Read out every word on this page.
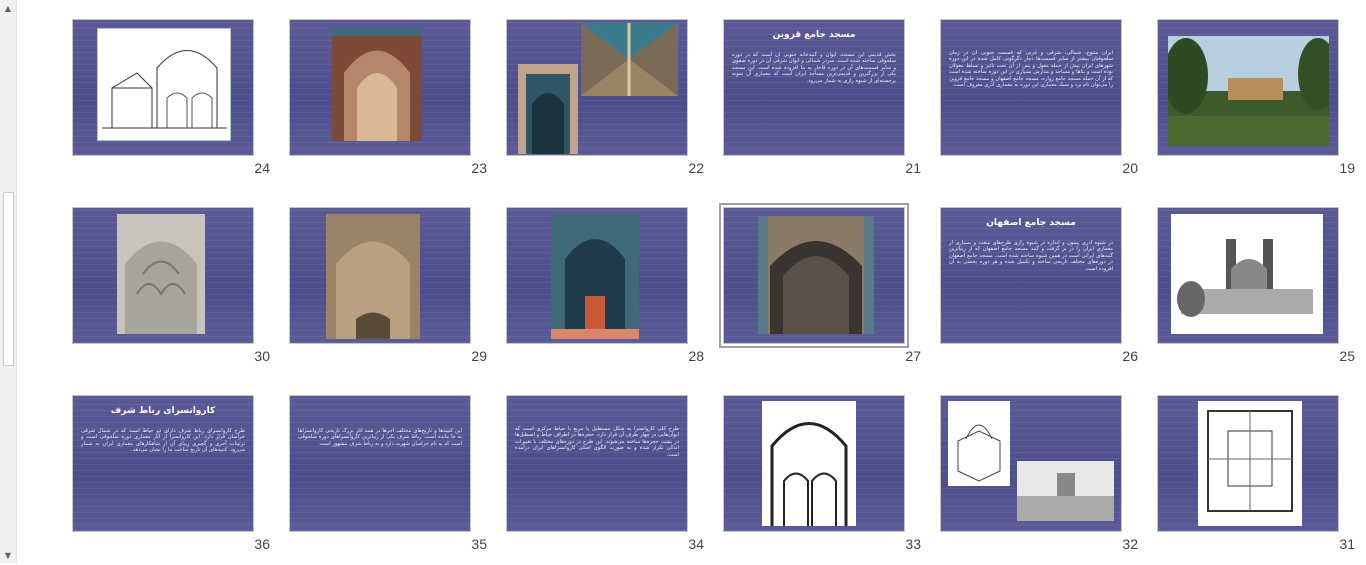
▲
▼
19
ایران متنوع، شمالی، شرقی و غربی که قسمت جنوبی آن در زمان سلجوقیان بیشتر از سایر قسمت‌ها دچار دگرگونی کامل شده در این دوره شهرهای ایران پیش از حمله مغول و پس از آن تحت تاثیر و تسلط مغولان بوده است و بناها و مساجد و مدارس بسیاری در این دوره ساخته شده است که از آن جمله مسجد جامع زواره، مسجد جامع اصفهان و مسجد جامع قزوین را می‌توان نام برد و سبک معماری این دوره به معماری آذری معروف است.
20
مسجد جامع قزوین
بخش قدیمی این مسجد، ایوان و گنبدخانه جنوبی آن است که در دوره سلجوقی ساخته شده است. سردر شمالی و ایوان شرقی آن در دوره صفوی و سایر قسمت‌های آن در دوره قاجار به بنا افزوده شده است. این مسجد یکی از بزرگترین و قدیمی‌ترین مساجد ایران است که معماری آن نمونه برجسته‌ای از شیوه رازی به شمار می‌رود.
21
22
23
24
25
مسجد جامع اصفهان
در شیوه آذری پیمون و اندازه در شیوه رازی طرح‌های متعدد و بسیاری از معماری ایران را در بر گرفت و گنبد مسجد جامع اصفهان که از زیباترین گنبدهای ایرانی است در همین شیوه ساخته شده است. مسجد جامع اصفهان در دوره‌های مختلف تاریخی ساخته و تکمیل شده و هر دوره بخشی به آن افزوده است.
26
27
28
29
30
31
32
33
طرح کلی کاروانسرا به شکل مستطیل یا مربع با حیاط مرکزی است که ایوان‌هایی در چهار طرف آن قرار دارد. حجره‌ها در اطراف حیاط و اصطبل‌ها در پشت حجره‌ها ساخته می‌شوند. این طرح در دوره‌های مختلف با تغییرات اندکی تکرار شده و به صورت الگوی اصلی کاروانسراهای ایران درآمده است.
34
این کتیبه‌ها و تاریخ‌های مختلف آجرها در همه آثار بزرگ تاریخی کاروانسراها به جا مانده است. رباط شرف یکی از زیباترین کاروانسراهای دوره سلجوقی است که به نام خراسان شهرت دارد و به رباط شرف مشهور است.
35
کاروانسرای رباط شرف
طرح کاروانسرای رباط شرف دارای دو حیاط است که در شمال شرقی خراسان قرار دارد. این کاروانسرا از آثار معماری دوره سلجوقی است و تزئینات آجری و گچبری زیبای آن از شاهکارهای معماری ایران به شمار می‌رود. کتیبه‌های آن تاریخ ساخت بنا را نشان می‌دهد.
36
